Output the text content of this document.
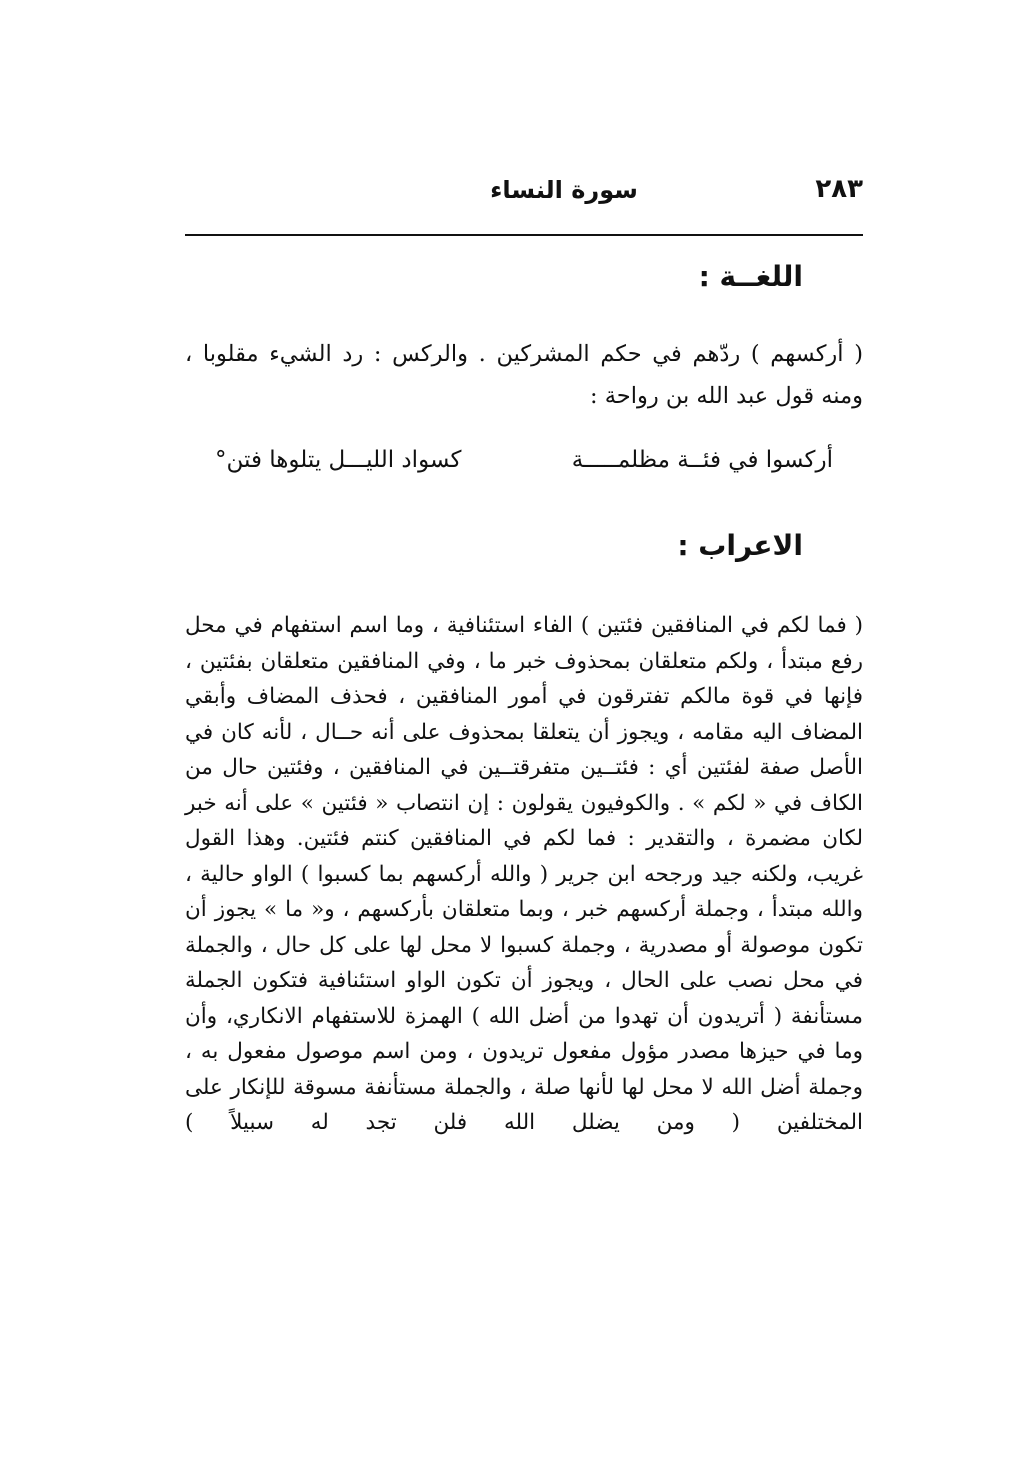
سورة النساء	٢٨٣
اللغــة :
( أركسهم ) ردّهم في حكم المشركين . والركس : رد الشيء مقلوبا ، ومنه قول عبد الله بن رواحة :
أركسوا في فئــة مظلمـــــة
كسواد الليـــل يتلوها فتن°
الاعراب :
( فما لكم في المنافقين فئتين ) الفاء استئنافية ، وما اسم استفهام في محل رفع مبتدأ ، ولكم متعلقان بمحذوف خبر ما ، وفي المنافقين متعلقان بفئتين ، فإنها في قوة مالكم تفترقون في أمور المنافقين ، فحذف المضاف وأبقي المضاف اليه مقامه ، ويجوز أن يتعلقا بمحذوف على أنه حــال ، لأنه كان في الأصل صفة لفئتين أي : فئتــين متفرقتــين في المنافقين ، وفئتين حال من الكاف في « لكم » . والكوفيون يقولون : إن انتصاب « فئتين » على أنه خبر لكان مضمرة ، والتقدير : فما لكم في المنافقين كنتم فئتين. وهذا القول غريب، ولكنه جيد ورجحه ابن جرير ( والله أركسهم بما كسبوا ) الواو حالية ، والله مبتدأ ، وجملة أركسهم خبر ، وبما متعلقان بأركسهم ، و« ما » يجوز أن تكون موصولة أو مصدرية ، وجملة كسبوا لا محل لها على كل حال ، والجملة في محل نصب على الحال ، ويجوز أن تكون الواو استئنافية فتكون الجملة مستأنفة ( أتريدون أن تهدوا من أضل الله ) الهمزة للاستفهام الانكاري، وأن وما في حيزها مصدر مؤول مفعول تريدون ، ومن اسم موصول مفعول به ، وجملة أضل الله لا محل لها لأنها صلة ، والجملة مستأنفة مسوقة للإنكار على المختلفين ( ومن يضلل الله فلن تجد له سبيلاً )
